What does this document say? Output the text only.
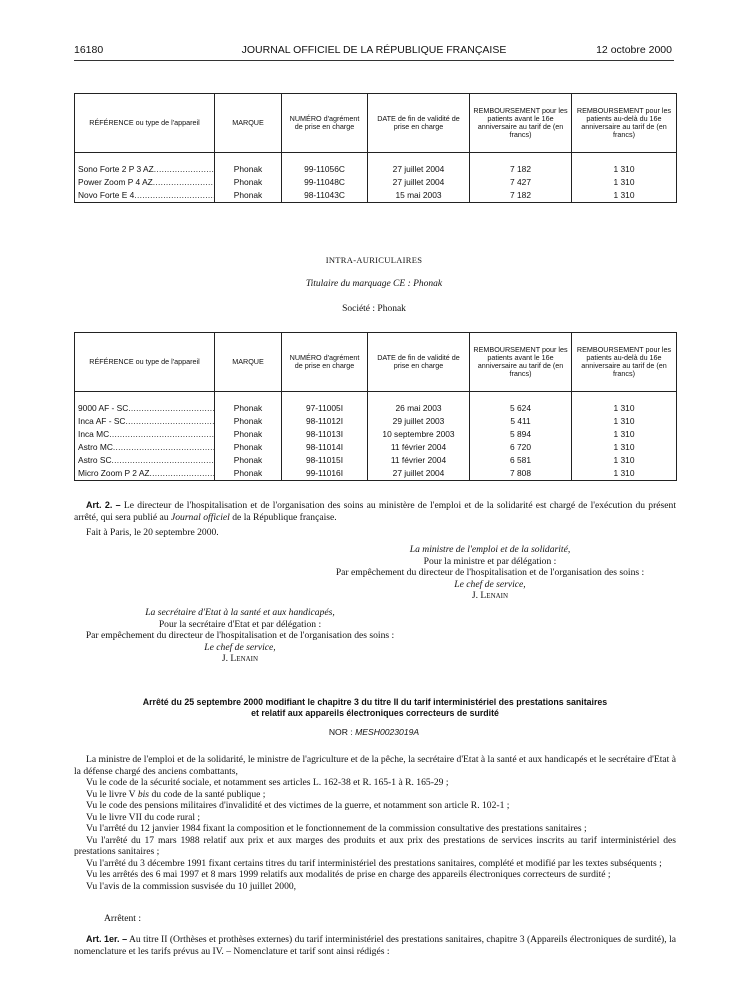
16180	JOURNAL OFFICIEL DE LA RÉPUBLIQUE FRANÇAISE	12 octobre 2000
RÉFÉRENCE ou type de l'appareil	MARQUE	NUMÉRO d'agrément de prise en charge	DATE de fin de validité de prise en charge	REMBOURSEMENT pour les patients avant le 16e anniversaire au tarif de (en francs)	REMBOURSEMENT pour les patients au-delà du 16e anniversaire au tarif de (en francs)

Sono Forte 2 P 3 AZ .....	Phonak	99-11056C	27 juillet 2004	7 182	1 310
Power Zoom P 4 AZ .....	Phonak	99-11048C	27 juillet 2004	7 427	1 310
Novo Forte E 4 .....	Phonak	98-11043C	15 mai 2003	7 182	1 310
INTRA-AURICULAIRES
Titulaire du marquage CE : Phonak
Société : Phonak
RÉFÉRENCE ou type de l'appareil	MARQUE	NUMÉRO d'agrément de prise en charge	DATE de fin de validité de prise en charge	REMBOURSEMENT pour les patients avant le 16e anniversaire au tarif de (en francs)	REMBOURSEMENT pour les patients au-delà du 16e anniversaire au tarif de (en francs)

9000 AF - SC .....	Phonak	97-11005I	26 mai 2003	5 624	1 310
Inca AF - SC .....	Phonak	98-11012I	29 juillet 2003	5 411	1 310
Inca MC .....	Phonak	98-11013I	10 septembre 2003	5 894	1 310
Astro MC .....	Phonak	98-11014I	11 février 2004	6 720	1 310
Astro SC .....	Phonak	98-11015I	11 février 2004	6 581	1 310
Micro Zoom P 2 AZ .....	Phonak	99-11016I	27 juillet 2004	7 808	1 310
Art. 2. – Le directeur de l'hospitalisation et de l'organisation des soins au ministère de l'emploi et de la solidarité est chargé de l'exécution du présent arrêté, qui sera publié au Journal officiel de la République française.
Fait à Paris, le 20 septembre 2000.
La ministre de l'emploi et de la solidarité,
Pour la ministre et par délégation :
Par empêchement du directeur de l'hospitalisation et de l'organisation des soins :
Le chef de service,
J. Lenain
La secrétaire d'Etat à la santé et aux handicapés,
Pour la secrétaire d'Etat et par délégation :
Par empêchement du directeur de l'hospitalisation et de l'organisation des soins :
Le chef de service,
J. Lenain
Arrêté du 25 septembre 2000 modifiant le chapitre 3 du titre II du tarif interministériel des prestations sanitaires
et relatif aux appareils électroniques correcteurs de surdité
NOR : MESH0023019A
La ministre de l'emploi et de la solidarité, le ministre de l'agriculture et de la pêche, la secrétaire d'Etat à la santé et aux handicapés et le secrétaire d'Etat à la défense chargé des anciens combattants,
Vu le code de la sécurité sociale, et notamment ses articles L. 162-38 et R. 165-1 à R. 165-29 ;
Vu le livre V bis du code de la santé publique ;
Vu le code des pensions militaires d'invalidité et des victimes de la guerre, et notamment son article R. 102-1 ;
Vu le livre VII du code rural ;
Vu l'arrêté du 12 janvier 1984 fixant la composition et le fonctionnement de la commission consultative des prestations sanitaires ;
Vu l'arrêté du 17 mars 1988 relatif aux prix et aux marges des produits et aux prix des prestations de services inscrits au tarif interministériel des prestations sanitaires ;
Vu l'arrêté du 3 décembre 1991 fixant certains titres du tarif interministériel des prestations sanitaires, complété et modifié par les textes subséquents ;
Vu les arrêtés des 6 mai 1997 et 8 mars 1999 relatifs aux modalités de prise en charge des appareils électroniques correcteurs de surdité ;
Vu l'avis de la commission susvisée du 10 juillet 2000,
Arrêtent :
Art. 1er. – Au titre II (Orthèses et prothèses externes) du tarif interministériel des prestations sanitaires, chapitre 3 (Appareils électroniques de surdité), la nomenclature et les tarifs prévus au IV. – Nomenclature et tarif sont ainsi rédigés :
